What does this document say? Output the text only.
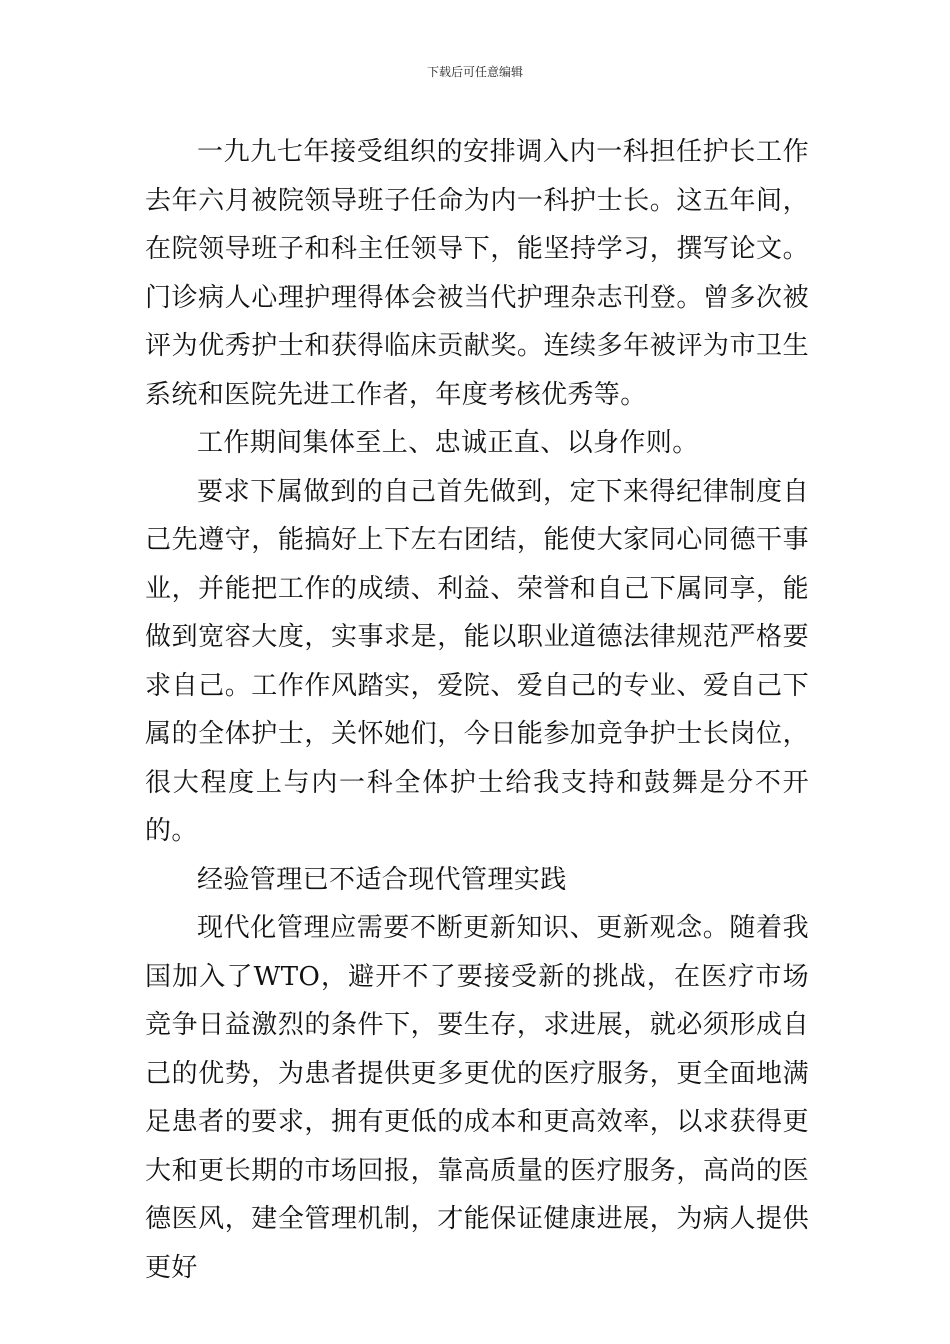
下载后可任意编辑

一九九七年接受组织的安排调入内一科担任护长工作去年六月被院领导班子任命为内一科护士长。这五年间，在院领导班子和科主任领导下，能坚持学习，撰写论文。门诊病人心理护理得体会被当代护理杂志刊登。曾多次被评为优秀护士和获得临床贡献奖。连续多年被评为市卫生系统和医院先进工作者，年度考核优秀等。

工作期间集体至上、忠诚正直、以身作则。

要求下属做到的自己首先做到，定下来得纪律制度自己先遵守，能搞好上下左右团结，能使大家同心同德干事业，并能把工作的成绩、利益、荣誉和自己下属同享，能做到宽容大度，实事求是，能以职业道德法律规范严格要求自己。工作作风踏实，爱院、爱自己的专业、爱自己下属的全体护士，关怀她们，今日能参加竞争护士长岗位，很大程度上与内一科全体护士给我支持和鼓舞是分不开的。

经验管理已不适合现代管理实践

现代化管理应需要不断更新知识、更新观念。随着我国加入了WTO，避开不了要接受新的挑战，在医疗市场竞争日益激烈的条件下，要生存，求进展，就必须形成自己的优势，为患者提供更多更优的医疗服务，更全面地满足患者的要求，拥有更低的成本和更高效率，以求获得更大和更长期的市场回报，靠高质量的医疗服务，高尚的医德医风，建全管理机制，才能保证健康进展，为病人提供更好
